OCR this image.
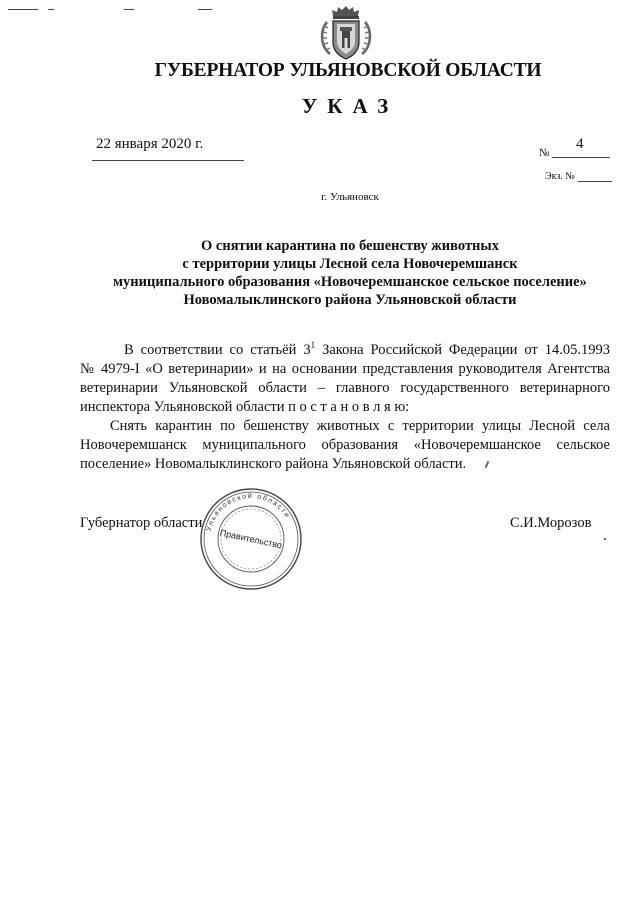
ГУБЕРНАТОР УЛЬЯНОВСКОЙ ОБЛАСТИ
УКАЗ
22 января 2020 г.
№
4
Экз. №
г. Ульяновск
О снятии карантина по бешенству животных
с территории улицы Лесной села Новочеремшанск
муниципального образования «Новочеремшанское сельское поселение»
Новомалыклинского района Ульяновской области
В соответствии со статьёй $3^1$ Закона Российской Федерации от 14.05.1993
№ 4979-I «О ветеринарии» и на основании представления руководителя Агентства
ветеринарии Ульяновской области – главного государственного ветеринарного
инспектора Ульяновской области п о с т а н о в л я ю:
Снять карантин по бешенству животных с территории улицы Лесной села
Новочеремшанск муниципального образования «Новочеремшанское сельское
поселение» Новомалыклинского района Ульяновской области.
Ульяновской области
Правительство
Губернатор области	С.И.Морозов
